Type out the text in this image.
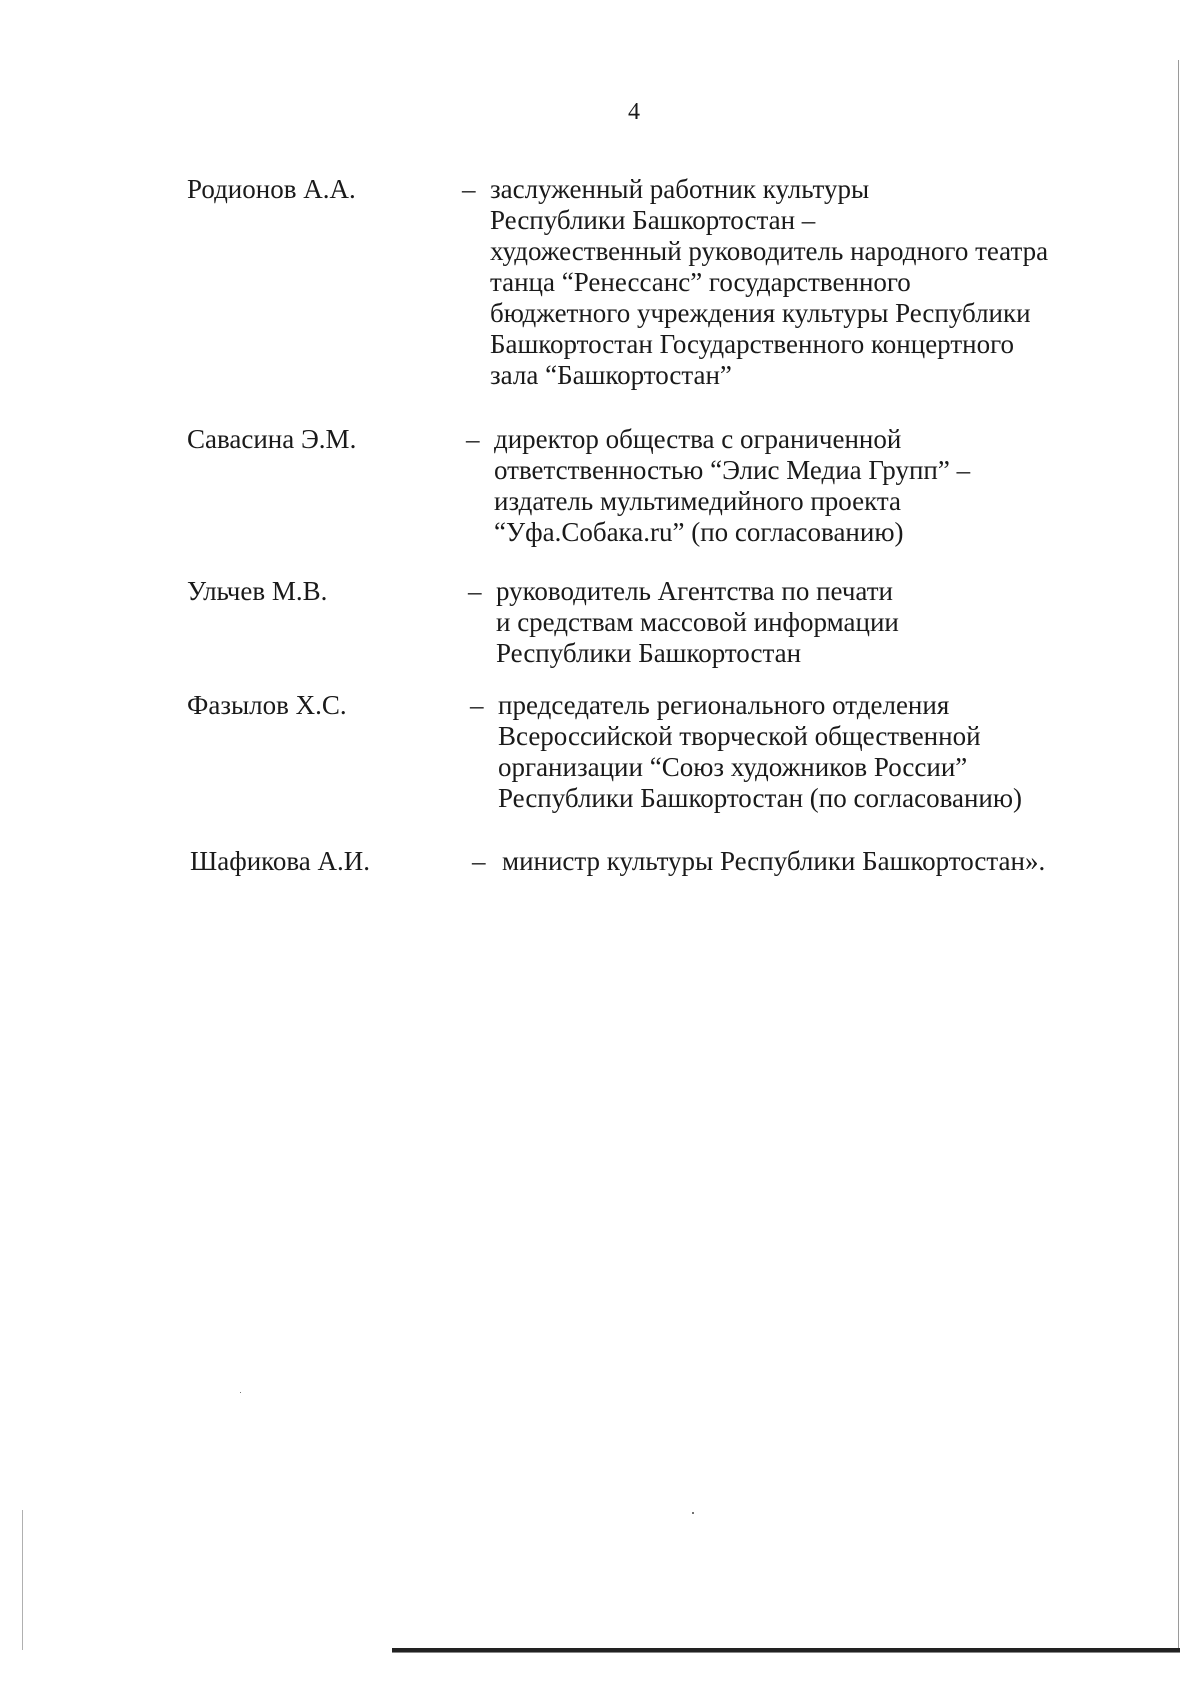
4
Родионов А.А.	– заслуженный работник культуры
Республики Башкортостан –
художественный руководитель народного театра
танца “Ренессанс” государственного
бюджетного учреждения культуры Республики
Башкортостан Государственного концертного
зала “Башкортостан”
Савасина Э.М.	– директор общества с ограниченной
ответственностью “Элис Медиа Групп” –
издатель мультимедийного проекта
“Уфа.Собака.ru” (по согласованию)
Ульчев М.В.	– руководитель Агентства по печати
и средствам массовой информации
Республики Башкортостан
Фазылов Х.С.	– председатель регионального отделения
Всероссийской творческой общественной
организации “Союз художников России”
Республики Башкортостан (по согласованию)
Шафикова А.И.	– министр культуры Республики Башкортостан».
